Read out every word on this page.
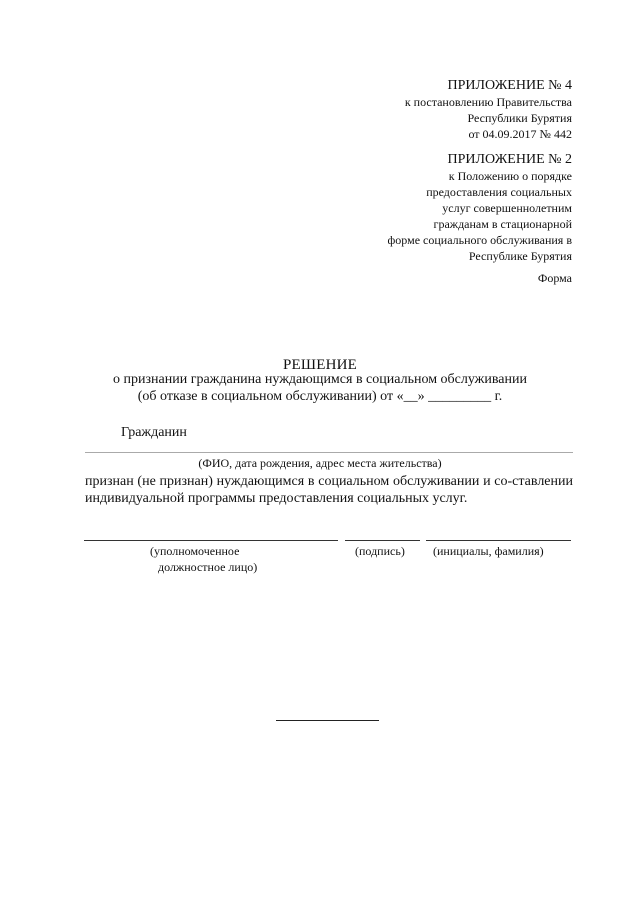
ПРИЛОЖЕНИЕ № 4
к постановлению Правительства
Республики Бурятия
от 04.09.2017 № 442
ПРИЛОЖЕНИЕ № 2
к Положению о порядке
предоставления социальных
услуг совершеннолетним
гражданам в стационарной
форме социального обслуживания в
Республике Бурятия
Форма
РЕШЕНИЕ
о признании гражданина нуждающимся в социальном обслуживании
(об отказе в социальном обслуживании) от «__» _________ г.
Гражданин
(ФИО, дата рождения, адрес места жительства)
признан (не признан) нуждающимся в социальном обслуживании и со-ставлении индивидуальной программы предоставления социальных услуг.
(уполномоченное
должностное лицо)
(подпись) (инициалы, фамилия)
